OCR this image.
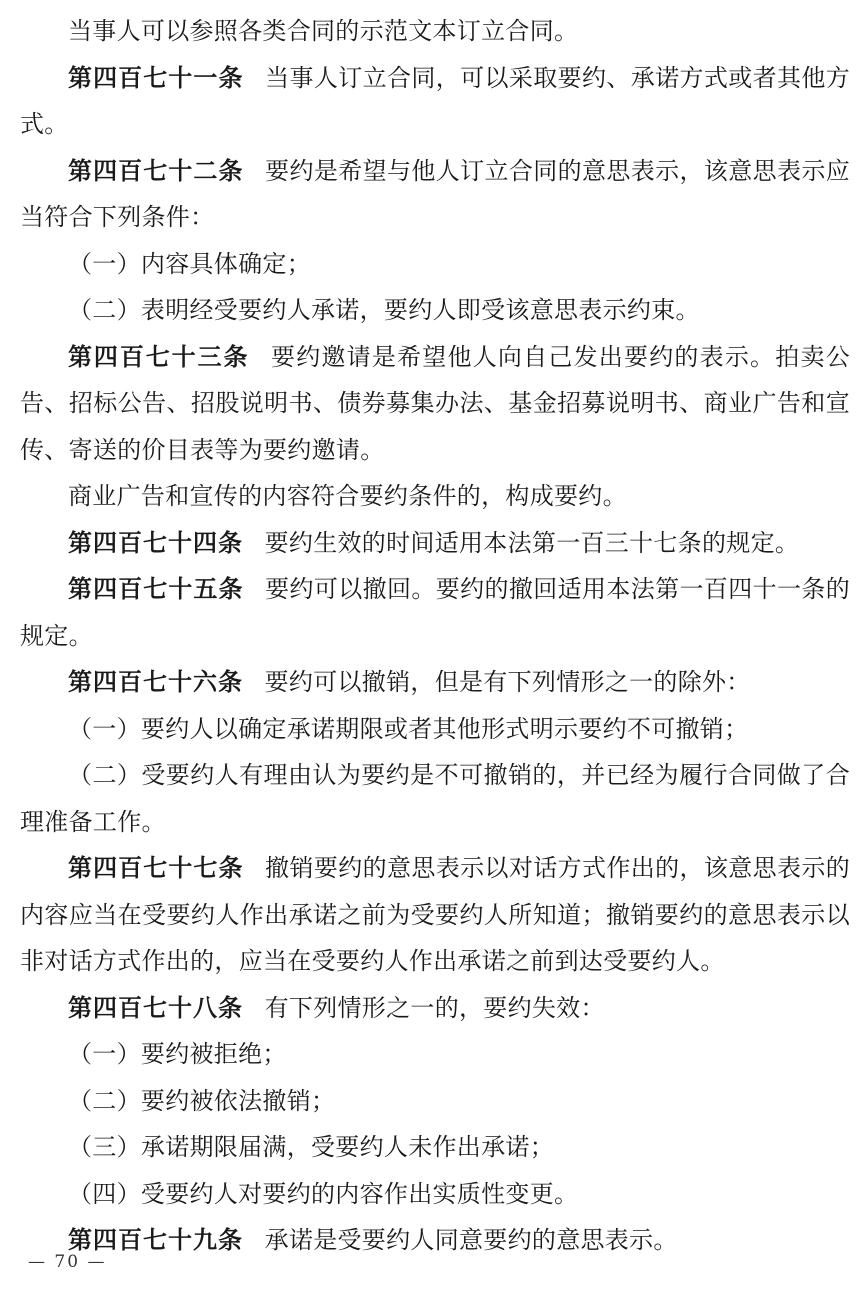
当事人可以参照各类合同的示范文本订立合同。

第四百七十一条 当事人订立合同，可以采取要约、承诺方式或者其他方式。

第四百七十二条 要约是希望与他人订立合同的意思表示，该意思表示应当符合下列条件：

（一）内容具体确定；

（二）表明经受要约人承诺，要约人即受该意思表示约束。

第四百七十三条 要约邀请是希望他人向自己发出要约的表示。拍卖公告、招标公告、招股说明书、债券募集办法、基金招募说明书、商业广告和宣传、寄送的价目表等为要约邀请。

商业广告和宣传的内容符合要约条件的，构成要约。

第四百七十四条 要约生效的时间适用本法第一百三十七条的规定。

第四百七十五条 要约可以撤回。要约的撤回适用本法第一百四十一条的规定。

第四百七十六条 要约可以撤销，但是有下列情形之一的除外：

（一）要约人以确定承诺期限或者其他形式明示要约不可撤销；

（二）受要约人有理由认为要约是不可撤销的，并已经为履行合同做了合理准备工作。

第四百七十七条 撤销要约的意思表示以对话方式作出的，该意思表示的内容应当在受要约人作出承诺之前为受要约人所知道；撤销要约的意思表示以非对话方式作出的，应当在受要约人作出承诺之前到达受要约人。

第四百七十八条 有下列情形之一的，要约失效：

（一）要约被拒绝；

（二）要约被依法撤销；

（三）承诺期限届满，受要约人未作出承诺；

（四）受要约人对要约的内容作出实质性变更。

第四百七十九条 承诺是受要约人同意要约的意思表示。

— 70 —
